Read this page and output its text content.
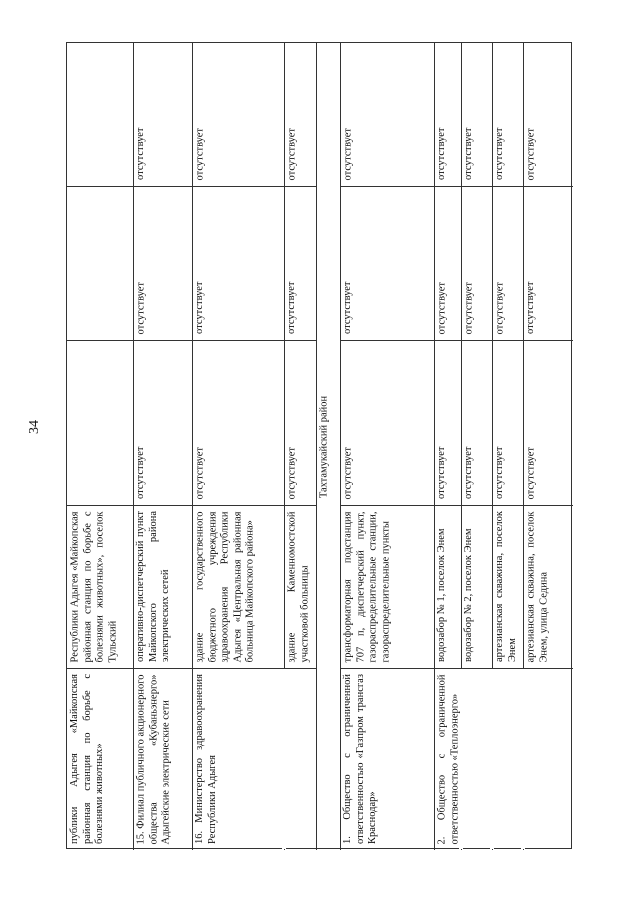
34
Республики Адыгея «Майкопская районная станция по борьбе с болезнями животных», поселок Тульский
публики Адыгея «Майкопская районная станция по борьбе с болезнями животных»
отсутствует
отсутствует
отсутствует
оперативно-диспетчерский пункт Майкопского района электрических сетей
15. Филиал публичного акционерного общества «Кубаньэнерго» Адыгейские электрические сети
отсутствует
отсутствует
отсутствует
здание государственного бюджетного учреждения здравоохранения Республики Адыгея «Центральная районная больница Майкопского района»
16. Министерство здравоохранения Республики Адыгея
отсутствует
отсутствует
отсутствует
здание Каменномостской участковой больницы
Тахтамукайский район
отсутствует
отсутствует
отсутствует
трансформаторная подстанция 707 п, диспетчерский пункт, газораспределительные станции, газораспределительные пункты
1. Общество с ограниченной ответственностью «Газпром трансгаз Краснодар»
отсутствует
отсутствует
отсутствует
водозабор № 1, поселок Энем
2. Общество с ограниченной ответственностью «Теплоэнерго»
отсутствует
отсутствует
отсутствует
водозабор № 2, поселок Энем
отсутствует
отсутствует
отсутствует
артезианская скважина, поселок Энем
отсутствует
отсутствует
отсутствует
артезианская скважина, поселок Энем, улица Седина
